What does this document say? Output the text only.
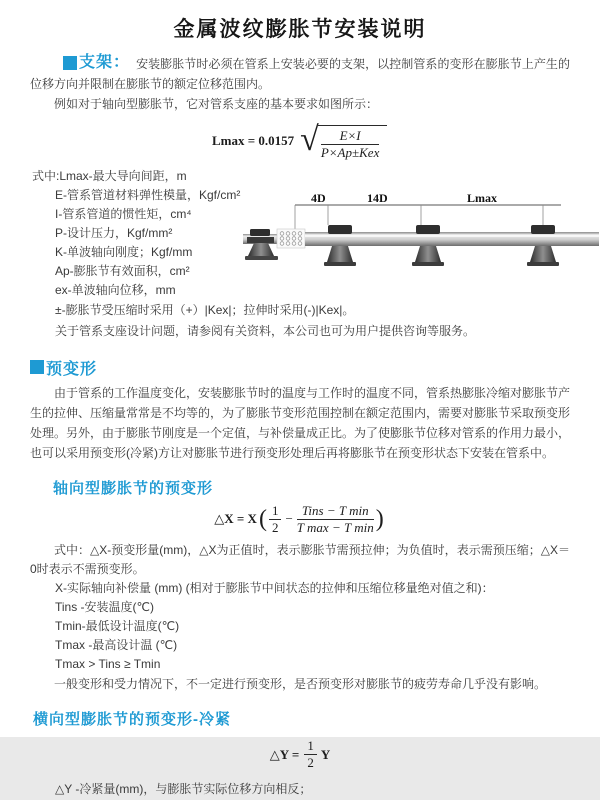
金属波纹膨胀节安装说明

支架： 安装膨胀节时必须在管系上安装必要的支架，以控制管系的变形在膨胀节上产生的位移方向并限制在膨胀节的额定位移范围内。

例如对于轴向型膨胀节，它对管系支座的基本要求如图所示：

Lmax = 0.0157 √ $\frac{E\times I}{\text{P×Ap±Kex}}$
式中:Lmax-最大导向间距，m
E-管系管道材料弹性模量，Kgf/cm²
I-管系管道的惯性矩，cm⁴
P-设计压力，Kgf/mm²
K-单波轴向刚度；Kgf/mm
Ap-膨胀节有效面积，cm²
ex-单波轴向位移，mm
4D	14D	Lmax
±-膨胀节受压缩时采用（+）|Kex|；拉伸时采用(-)|Kex|。
关于管系支座设计问题，请参阅有关资料，本公司也可为用户提供咨询等服务。
预变形

由于管系的工作温度变化，安装膨胀节时的温度与工作时的温度不同，管系热膨胀冷缩对膨胀节产生的拉伸、压缩量常常是不均等的，为了膨胀节变形范围控制在额定范围内，需要对膨胀节采取预变形处理。另外，由于膨胀节刚度是一个定值，与补偿量成正比。为了使膨胀节位移对管系的作用力最小，也可以采用预变形(冷紧)方让对膨胀节进行预变形处理后再将膨胀节在预变形状态下安装在管系中。

轴向型膨胀节的预变形
△X = X ( $\frac{1}{2} - \frac{\text{Tins − T min}}{\text{T max − T min}}$ )

式中：△X-预变形量(mm)，△X为正值时，表示膨胀节需预拉伸；为负值时，表示需预压缩；△X＝0时表示不需预变形。

X-实际轴向补偿量 (mm) (相对于膨胀节中间状态的拉伸和压缩位移量绝对值之和)：
Tins -安装温度(℃)
Tmin-最低设计温度(℃)
Tmax -最高设计温 (℃)
Tmax > Tins ≥ Tmin

一般变形和受力情况下，不一定进行预变形，是否预变形对膨胀节的疲劳寿命几乎没有影响。

横向型膨胀节的预变形-冷紧
△Y = $\frac{1}{2}$ Y
△Y -冷紧量(mm)，与膨胀节实际位移方向相反；
